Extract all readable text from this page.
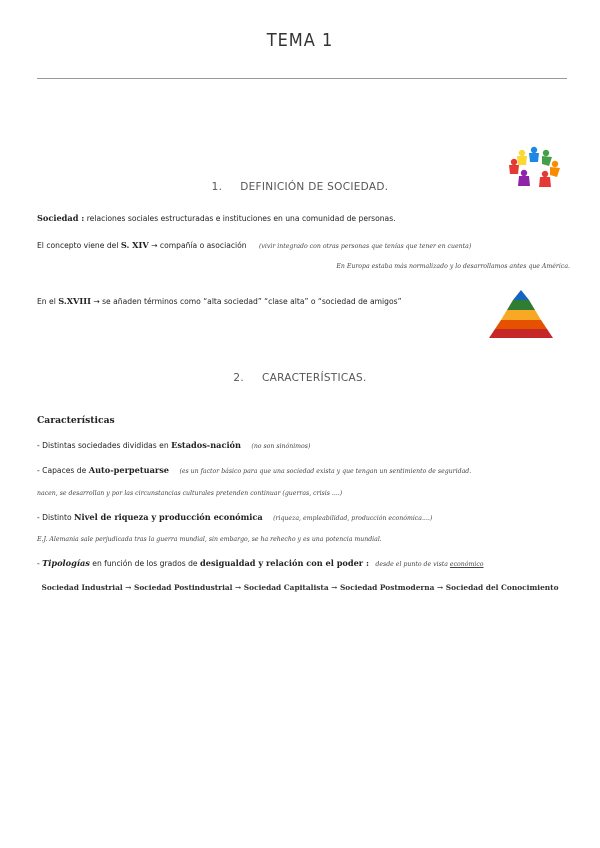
TEMA 1
1. DEFINICIÓN DE SOCIEDAD.
Sociedad : relaciones sociales estructuradas e instituciones en una comunidad de personas.
El concepto viene del S. XIV → compañía o asociación (vivir integrado con otras personas que tenías que tener en cuenta)
En Europa estaba más normalizado y lo desarrollamos antes que América.
En el S.XVIII → se añaden términos como “alta sociedad” “clase alta” o “sociedad de amigos”
2. CARACTERÍSTICAS.
Características
- Distintas sociedades divididas en Estados-nación (no son sinónimos)
- Capaces de Auto-perpetuarse (es un factor básico para que una sociedad exista y que tengan un sentimiento de seguridad.
nacen, se desarrollan y por las circunstancias culturales pretenden continuar (guerras, crisis ....)
- Distinto Nivel de riqueza y producción económica (riqueza, empleabilidad, producción económica....)
E.J. Alemania sale perjudicada tras la guerra mundial, sin embargo, se ha rehecho y es una potencia mundial.
- Tipologías en función de los grados de desigualdad y relación con el poder : desde el punto de vista económico
Sociedad Industrial → Sociedad Postindustrial → Sociedad Capitalista → Sociedad Postmoderna → Sociedad del Conocimiento
